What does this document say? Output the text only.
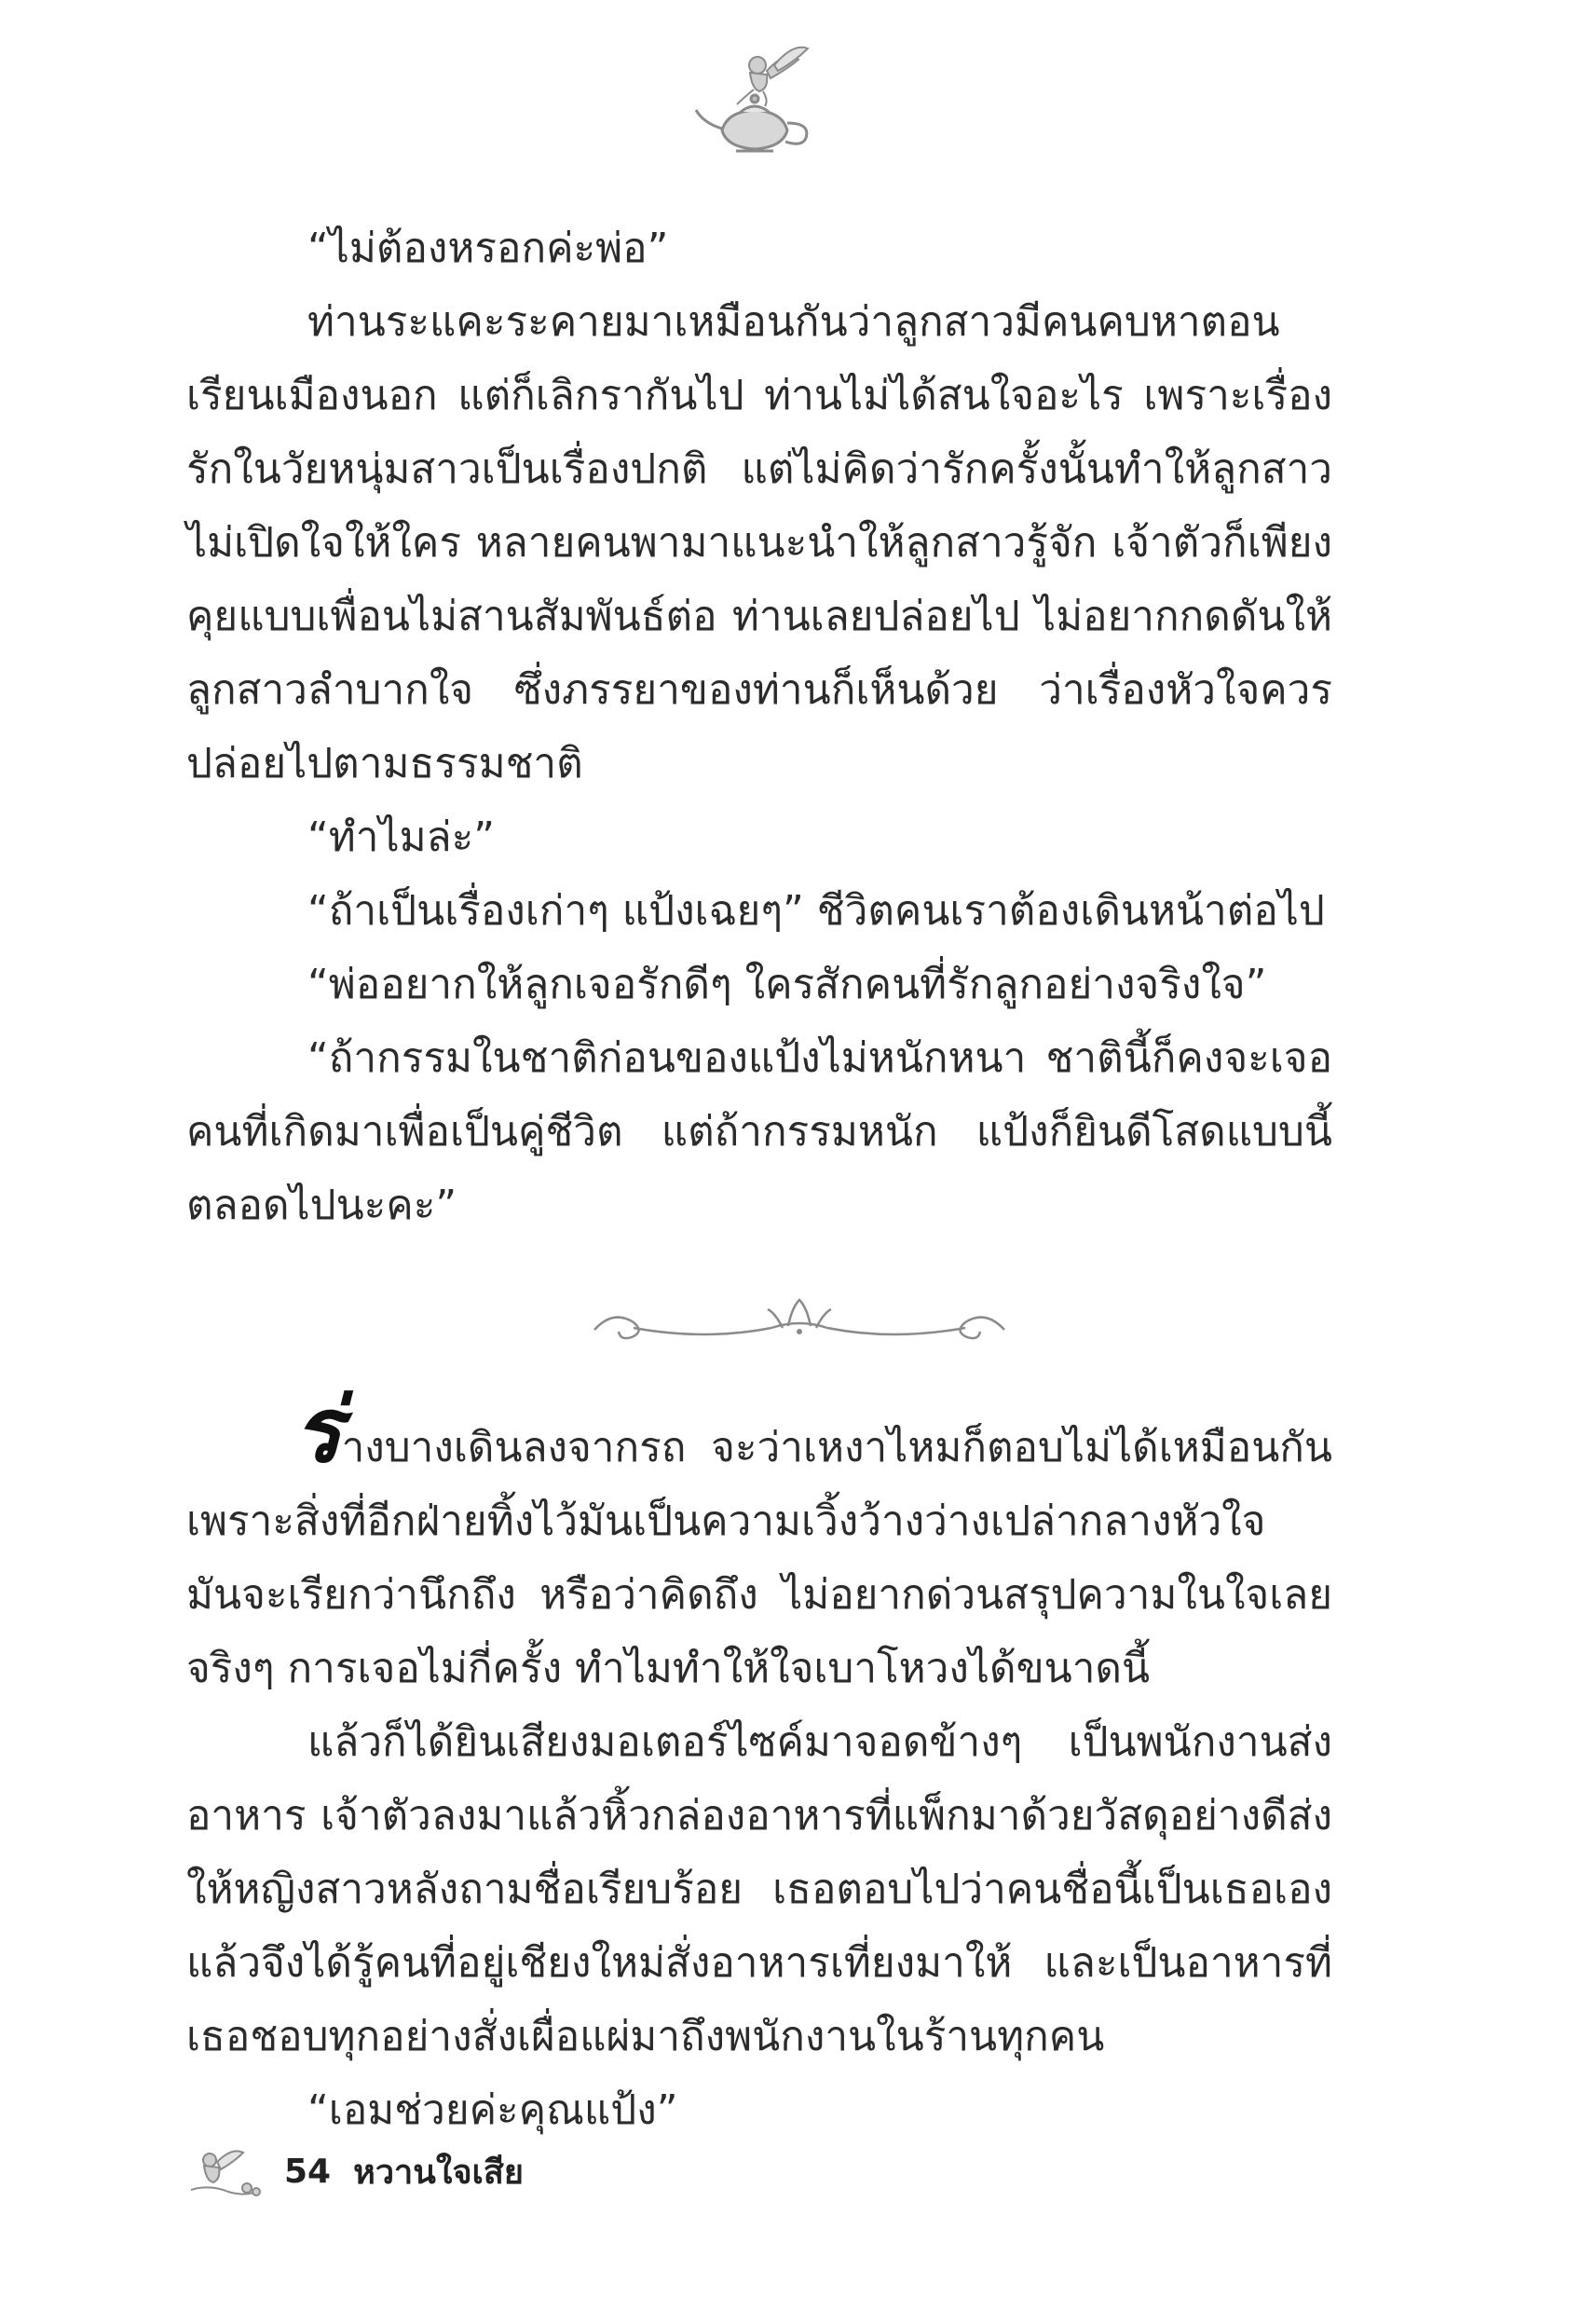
“ไม่ต้องหรอกค่ะพ่อ”

ท่านระแคะระคายมาเหมือนกันว่าลูกสาวมีคนคบหาตอนเรียนเมืองนอก แต่ก็เลิกรากันไป ท่านไม่ได้สนใจอะไร เพราะเรื่องรักในวัยหนุ่มสาวเป็นเรื่องปกติ แต่ไม่คิดว่ารักครั้งนั้นทำให้ลูกสาวไม่เปิดใจให้ใคร หลายคนพามาแนะนำให้ลูกสาวรู้จัก เจ้าตัวก็เพียงคุยแบบเพื่อนไม่สานสัมพันธ์ต่อ ท่านเลยปล่อยไป ไม่อยากกดดันให้ลูกสาวลำบากใจ ซึ่งภรรยาของท่านก็เห็นด้วย ว่าเรื่องหัวใจควรปล่อยไปตามธรรมชาติ

“ทำไมล่ะ”

“ถ้าเป็นเรื่องเก่าๆ แป้งเฉยๆ” ชีวิตคนเราต้องเดินหน้าต่อไป

“พ่ออยากให้ลูกเจอรักดีๆ ใครสักคนที่รักลูกอย่างจริงใจ”

“ถ้ากรรมในชาติก่อนของแป้งไม่หนักหนา ชาตินี้ก็คงจะเจอคนที่เกิดมาเพื่อเป็นคู่ชีวิต แต่ถ้ากรรมหนัก แป้งก็ยินดีโสดแบบนี้ตลอดไปนะคะ”

ร่างบางเดินลงจากรถ จะว่าเหงาไหมก็ตอบไม่ได้เหมือนกัน เพราะสิ่งที่อีกฝ่ายทิ้งไว้มันเป็นความเวิ้งว้างว่างเปล่ากลางหัวใจ มันจะเรียกว่านึกถึง หรือว่าคิดถึง ไม่อยากด่วนสรุปความในใจเลยจริงๆ การเจอไม่กี่ครั้ง ทำไมทำให้ใจเบาโหวงได้ขนาดนี้

แล้วก็ได้ยินเสียงมอเตอร์ไซค์มาจอดข้างๆ เป็นพนักงานส่งอาหาร เจ้าตัวลงมาแล้วหิ้วกล่องอาหารที่แพ็กมาด้วยวัสดุอย่างดีส่งให้หญิงสาวหลังถามชื่อเรียบร้อย เธอตอบไปว่าคนชื่อนี้เป็นเธอเอง แล้วจึงได้รู้คนที่อยู่เชียงใหม่สั่งอาหารเที่ยงมาให้ และเป็นอาหารที่เธอชอบทุกอย่างสั่งเผื่อแผ่มาถึงพนักงานในร้านทุกคน

“เอมช่วยค่ะคุณแป้ง”

54 หวานใจเสีย
